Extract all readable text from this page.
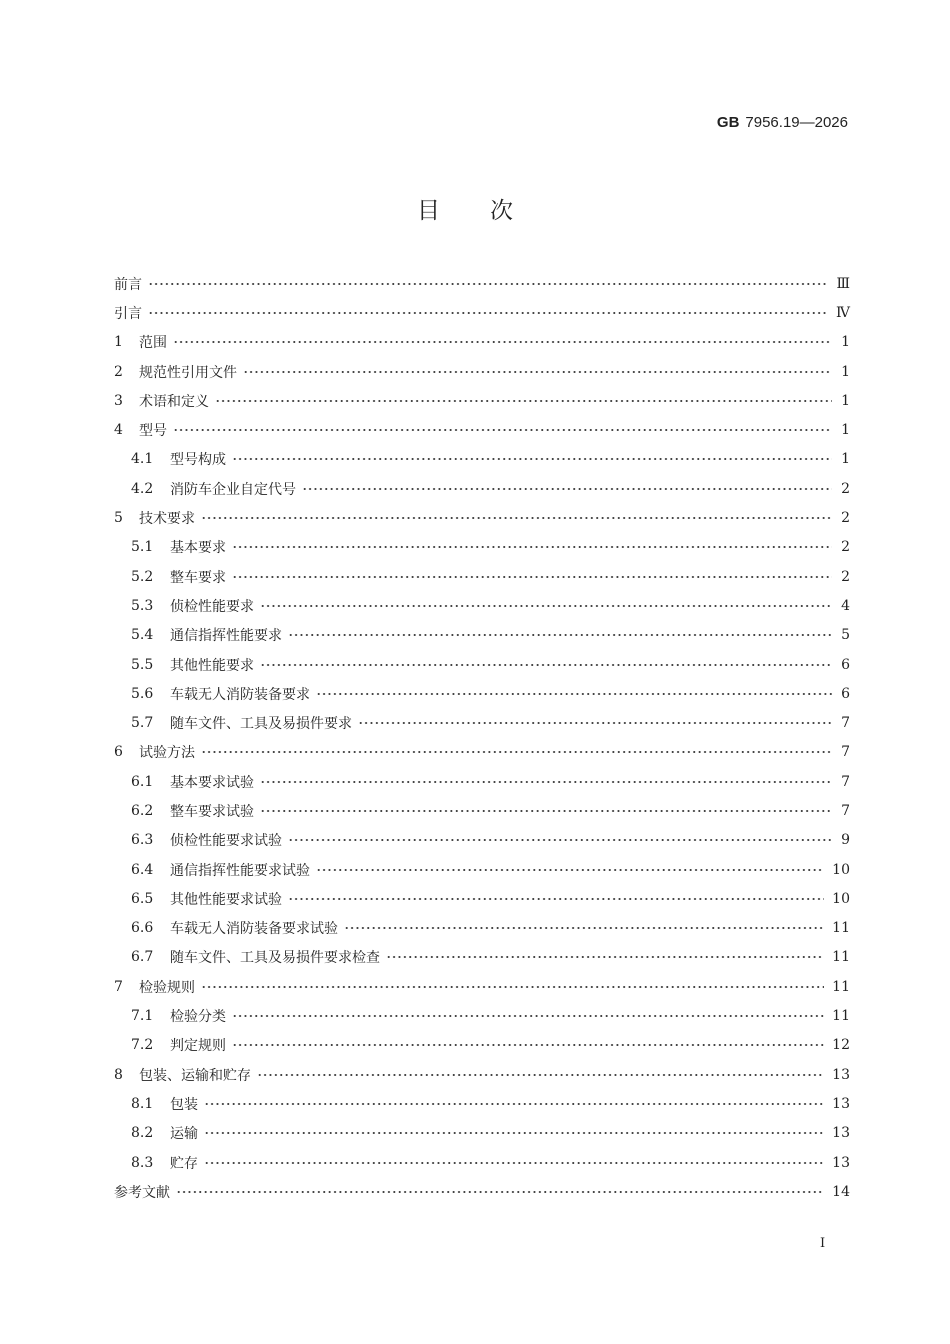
GB 7956.19—2026
目次
前言	Ⅲ
引言	Ⅳ
1	范围	1
2	规范性引用文件	1
3	术语和定义	1
4	型号	1
4.1	型号构成	1
4.2	消防车企业自定代号	2
5	技术要求	2
5.1	基本要求	2
5.2	整车要求	2
5.3	侦检性能要求	4
5.4	通信指挥性能要求	5
5.5	其他性能要求	6
5.6	车载无人消防装备要求	6
5.7	随车文件、工具及易损件要求	7
6	试验方法	7
6.1	基本要求试验	7
6.2	整车要求试验	7
6.3	侦检性能要求试验	9
6.4	通信指挥性能要求试验	10
6.5	其他性能要求试验	10
6.6	车载无人消防装备要求试验	11
6.7	随车文件、工具及易损件要求检查	11
7	检验规则	11
7.1	检验分类	11
7.2	判定规则	12
8	包装、运输和贮存	13
8.1	包装	13
8.2	运输	13
8.3	贮存	13
参考文献	14
I
